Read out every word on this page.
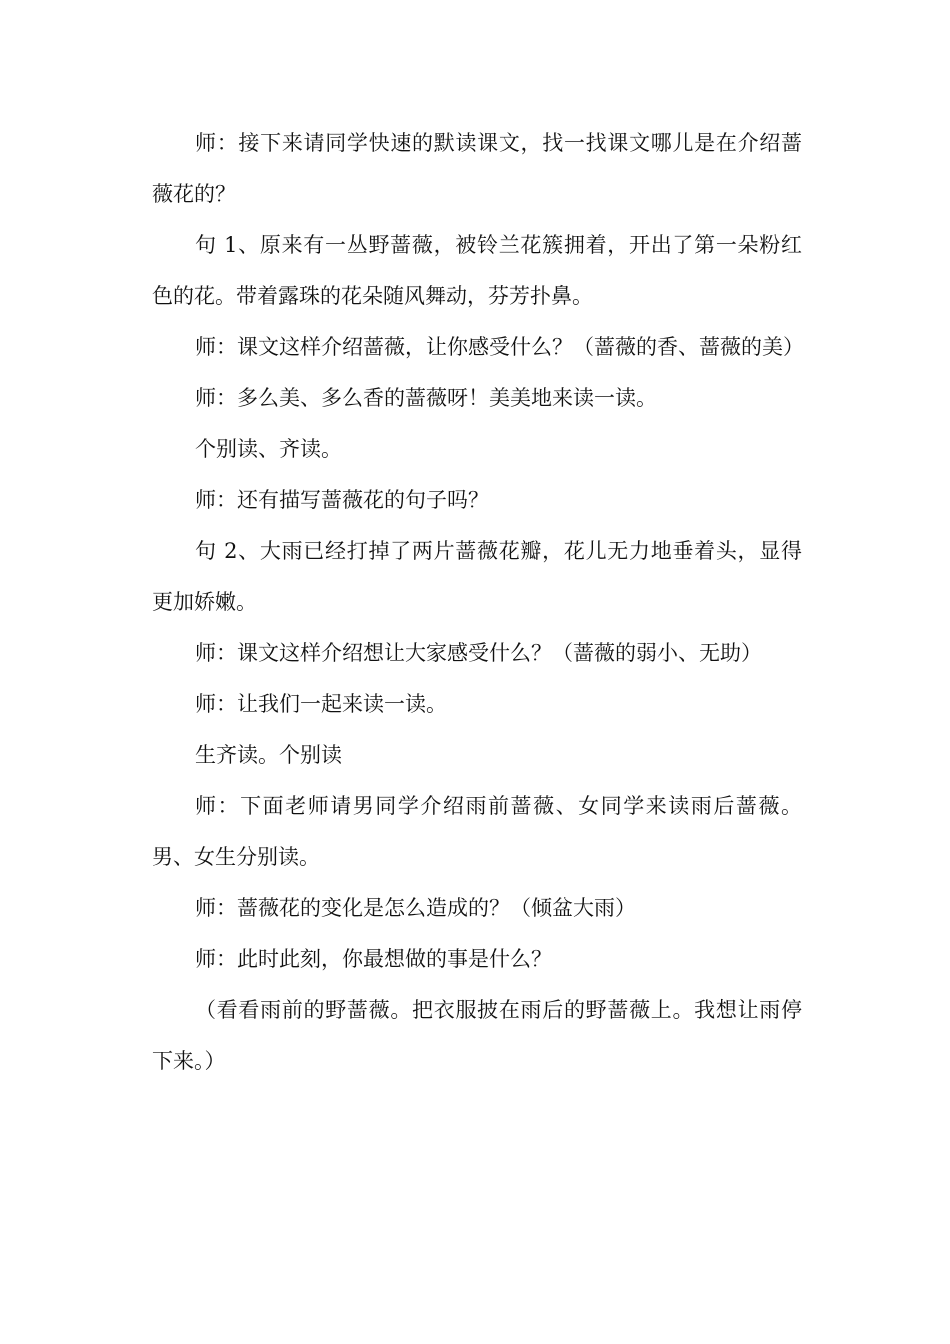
师：接下来请同学快速的默读课文，找一找课文哪儿是在介绍蔷薇花的？

句 1、原来有一丛野蔷薇，被铃兰花簇拥着，开出了第一朵粉红色的花。带着露珠的花朵随风舞动，芬芳扑鼻。

师：课文这样介绍蔷薇，让你感受什么？（蔷薇的香、蔷薇的美）

师：多么美、多么香的蔷薇呀！美美地来读一读。

个别读、齐读。

师：还有描写蔷薇花的句子吗？

句 2、大雨已经打掉了两片蔷薇花瓣，花儿无力地垂着头，显得更加娇嫩。

师：课文这样介绍想让大家感受什么？（蔷薇的弱小、无助）

师：让我们一起来读一读。

生齐读。个别读

师：下面老师请男同学介绍雨前蔷薇、女同学来读雨后蔷薇。男、女生分别读。

师：蔷薇花的变化是怎么造成的？（倾盆大雨）

师：此时此刻，你最想做的事是什么？

（看看雨前的野蔷薇。把衣服披在雨后的野蔷薇上。我想让雨停下来。）
